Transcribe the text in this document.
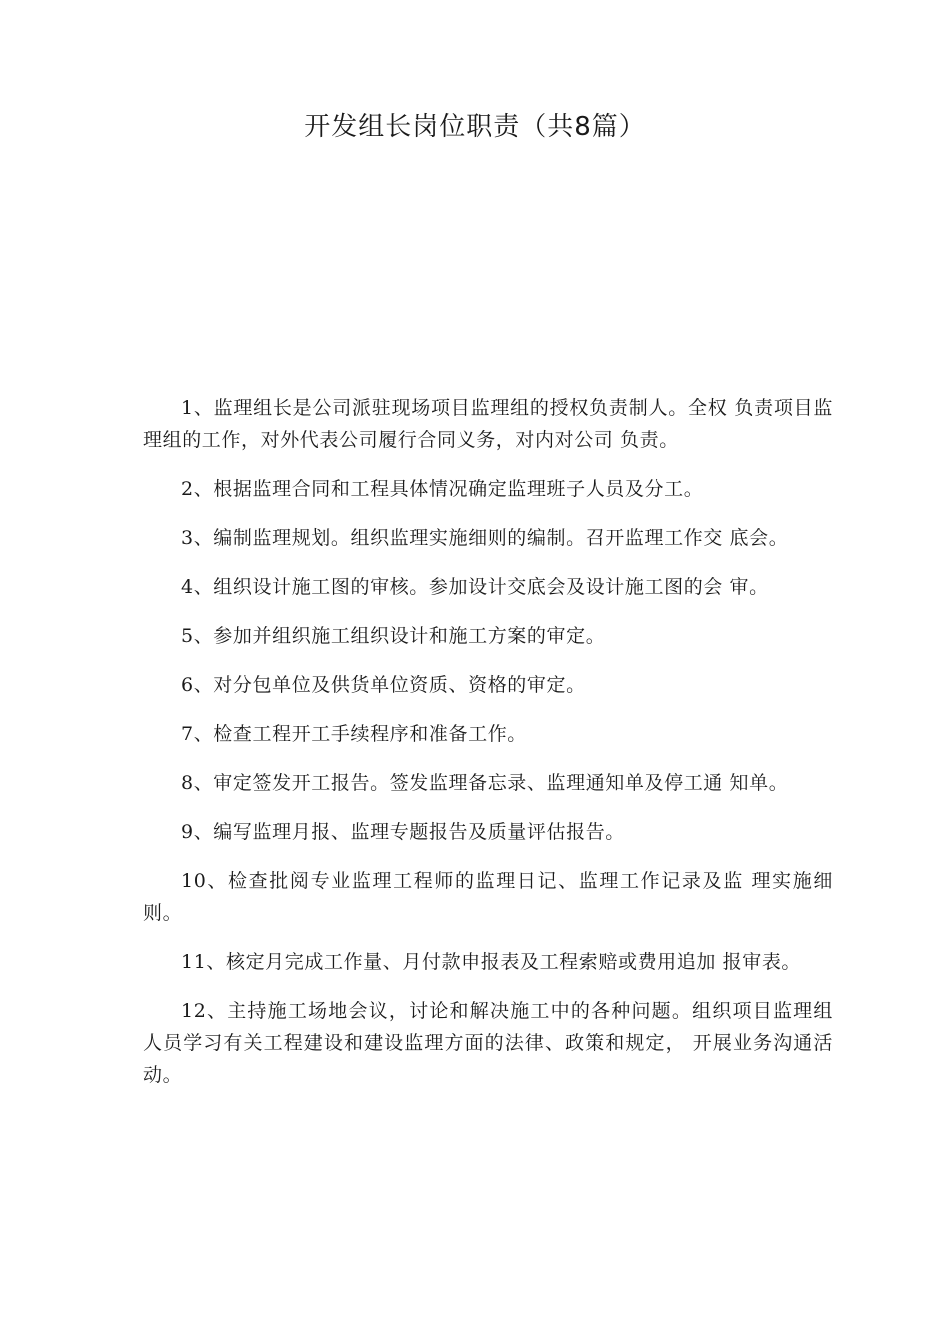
开发组长岗位职责（共8篇）

1、监理组长是公司派驻现场项目监理组的授权负责制人。全权 负责项目监理组的工作，对外代表公司履行合同义务，对内对公司 负责。

2、根据监理合同和工程具体情况确定监理班子人员及分工。

3、编制监理规划。组织监理实施细则的编制。召开监理工作交 底会。

4、组织设计施工图的审核。参加设计交底会及设计施工图的会 审。

5、参加并组织施工组织设计和施工方案的审定。

6、对分包单位及供货单位资质、资格的审定。

7、检查工程开工手续程序和准备工作。

8、审定签发开工报告。签发监理备忘录、监理通知单及停工通 知单。

9、编写监理月报、监理专题报告及质量评估报告。

10、检查批阅专业监理工程师的监理日记、监理工作记录及监 理实施细则。

11、核定月完成工作量、月付款申报表及工程索赔或费用追加 报审表。

12、主持施工场地会议，讨论和解决施工中的各种问题。组织项目监理组人员学习有关工程建设和建设监理方面的法律、政策和规定， 开展业务沟通活动。
